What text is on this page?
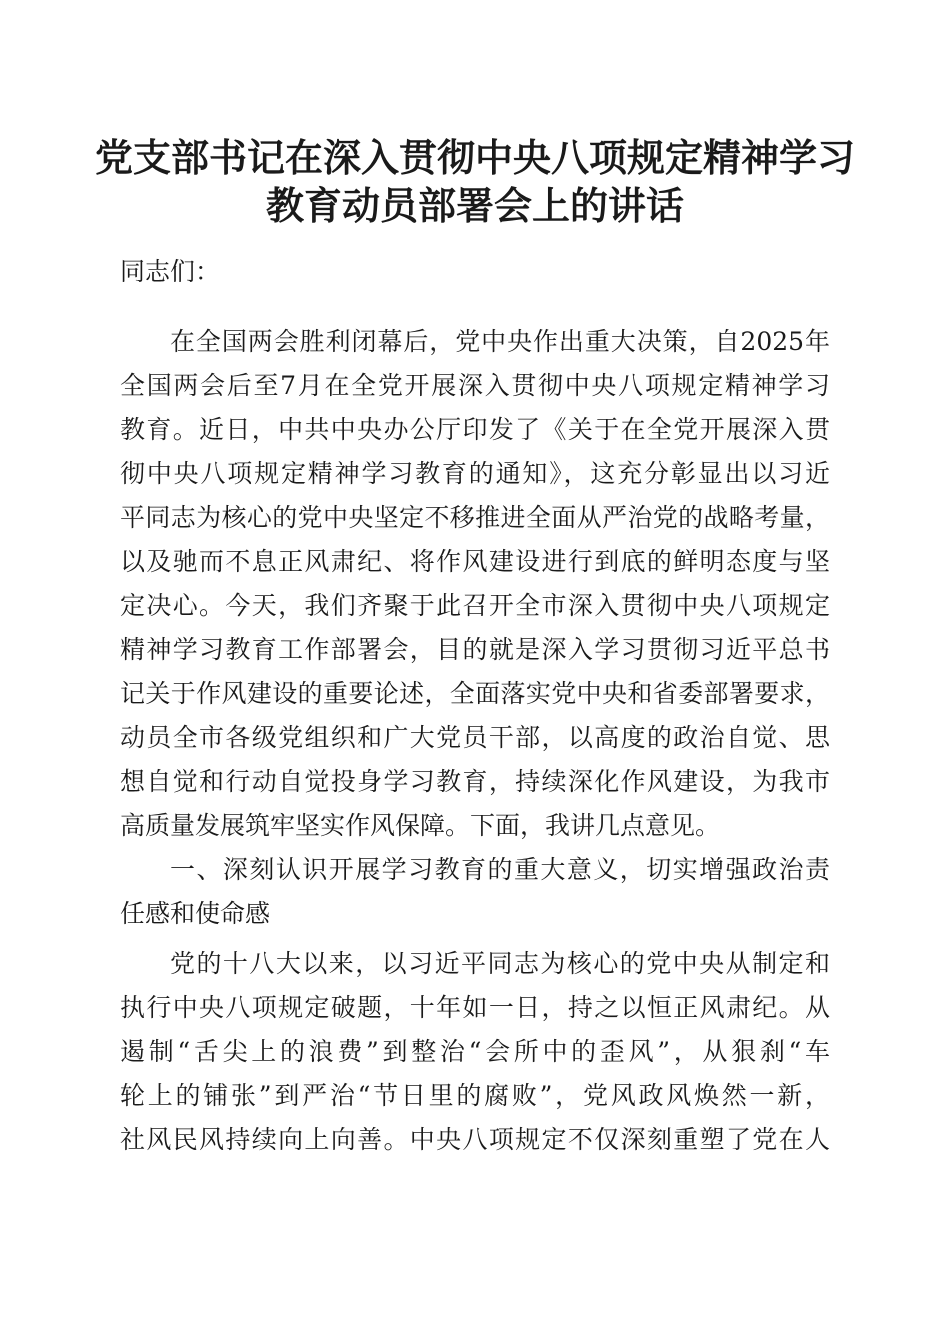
党支部书记在深入贯彻中央八项规定精神学习
教育动员部署会上的讲话

同志们：

在全国两会胜利闭幕后，党中央作出重大决策，自2025年

全国两会后至7月在全党开展深入贯彻中央八项规定精神学习

教育。近日，中共中央办公厅印发了《关于在全党开展深入贯

彻中央八项规定精神学习教育的通知》，这充分彰显出以习近

平同志为核心的党中央坚定不移推进全面从严治党的战略考量，

以及驰而不息正风肃纪、将作风建设进行到底的鲜明态度与坚

定决心。今天，我们齐聚于此召开全市深入贯彻中央八项规定

精神学习教育工作部署会，目的就是深入学习贯彻习近平总书

记关于作风建设的重要论述，全面落实党中央和省委部署要求，

动员全市各级党组织和广大党员干部，以高度的政治自觉、思

想自觉和行动自觉投身学习教育，持续深化作风建设，为我市

高质量发展筑牢坚实作风保障。下面，我讲几点意见。

一、深刻认识开展学习教育的重大意义，切实增强政治责

任感和使命感

党的十八大以来，以习近平同志为核心的党中央从制定和

执行中央八项规定破题，十年如一日，持之以恒正风肃纪。从

遏制“舌尖上的浪费”到整治“会所中的歪风”，从狠刹“车

轮上的铺张”到严治“节日里的腐败”，党风政风焕然一新，

社风民风持续向上向善。中央八项规定不仅深刻重塑了党在人
